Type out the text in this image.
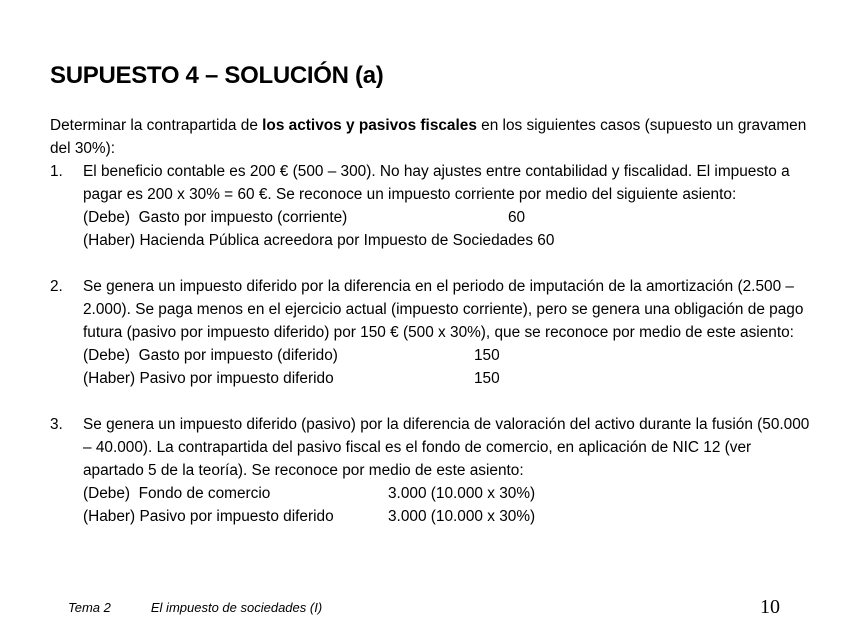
SUPUESTO 4 – SOLUCIÓN (a)
Determinar la contrapartida de los activos y pasivos fiscales en los siguientes casos (supuesto un gravamen del 30%):
1. El beneficio contable es 200 € (500 – 300). No hay ajustes entre contabilidad y fiscalidad. El impuesto a pagar es 200 x 30% = 60 €. Se reconoce un impuesto corriente por medio del siguiente asiento:
(Debe)  Gasto por impuesto (corriente)	60
(Haber) Hacienda Pública acreedora por Impuesto de Sociedades 60
2. Se genera un impuesto diferido por la diferencia en el periodo de imputación de la amortización (2.500 – 2.000). Se paga menos en el ejercicio actual (impuesto corriente), pero se genera una obligación de pago futura (pasivo por impuesto diferido) por 150 € (500 x 30%), que se reconoce por medio de este asiento:
(Debe)  Gasto por impuesto (diferido)	150
(Haber) Pasivo por impuesto diferido	150
3. Se genera un impuesto diferido (pasivo) por la diferencia de valoración del activo durante la fusión (50.000 – 40.000). La contrapartida del pasivo fiscal es el fondo de comercio, en aplicación de NIC 12 (ver apartado 5 de la teoría). Se reconoce por medio de este asiento:
(Debe)  Fondo de comercio	3.000 (10.000 x 30%)
(Haber) Pasivo por impuesto diferido	3.000 (10.000 x 30%)
Tema 2	El impuesto de sociedades (I)	10
